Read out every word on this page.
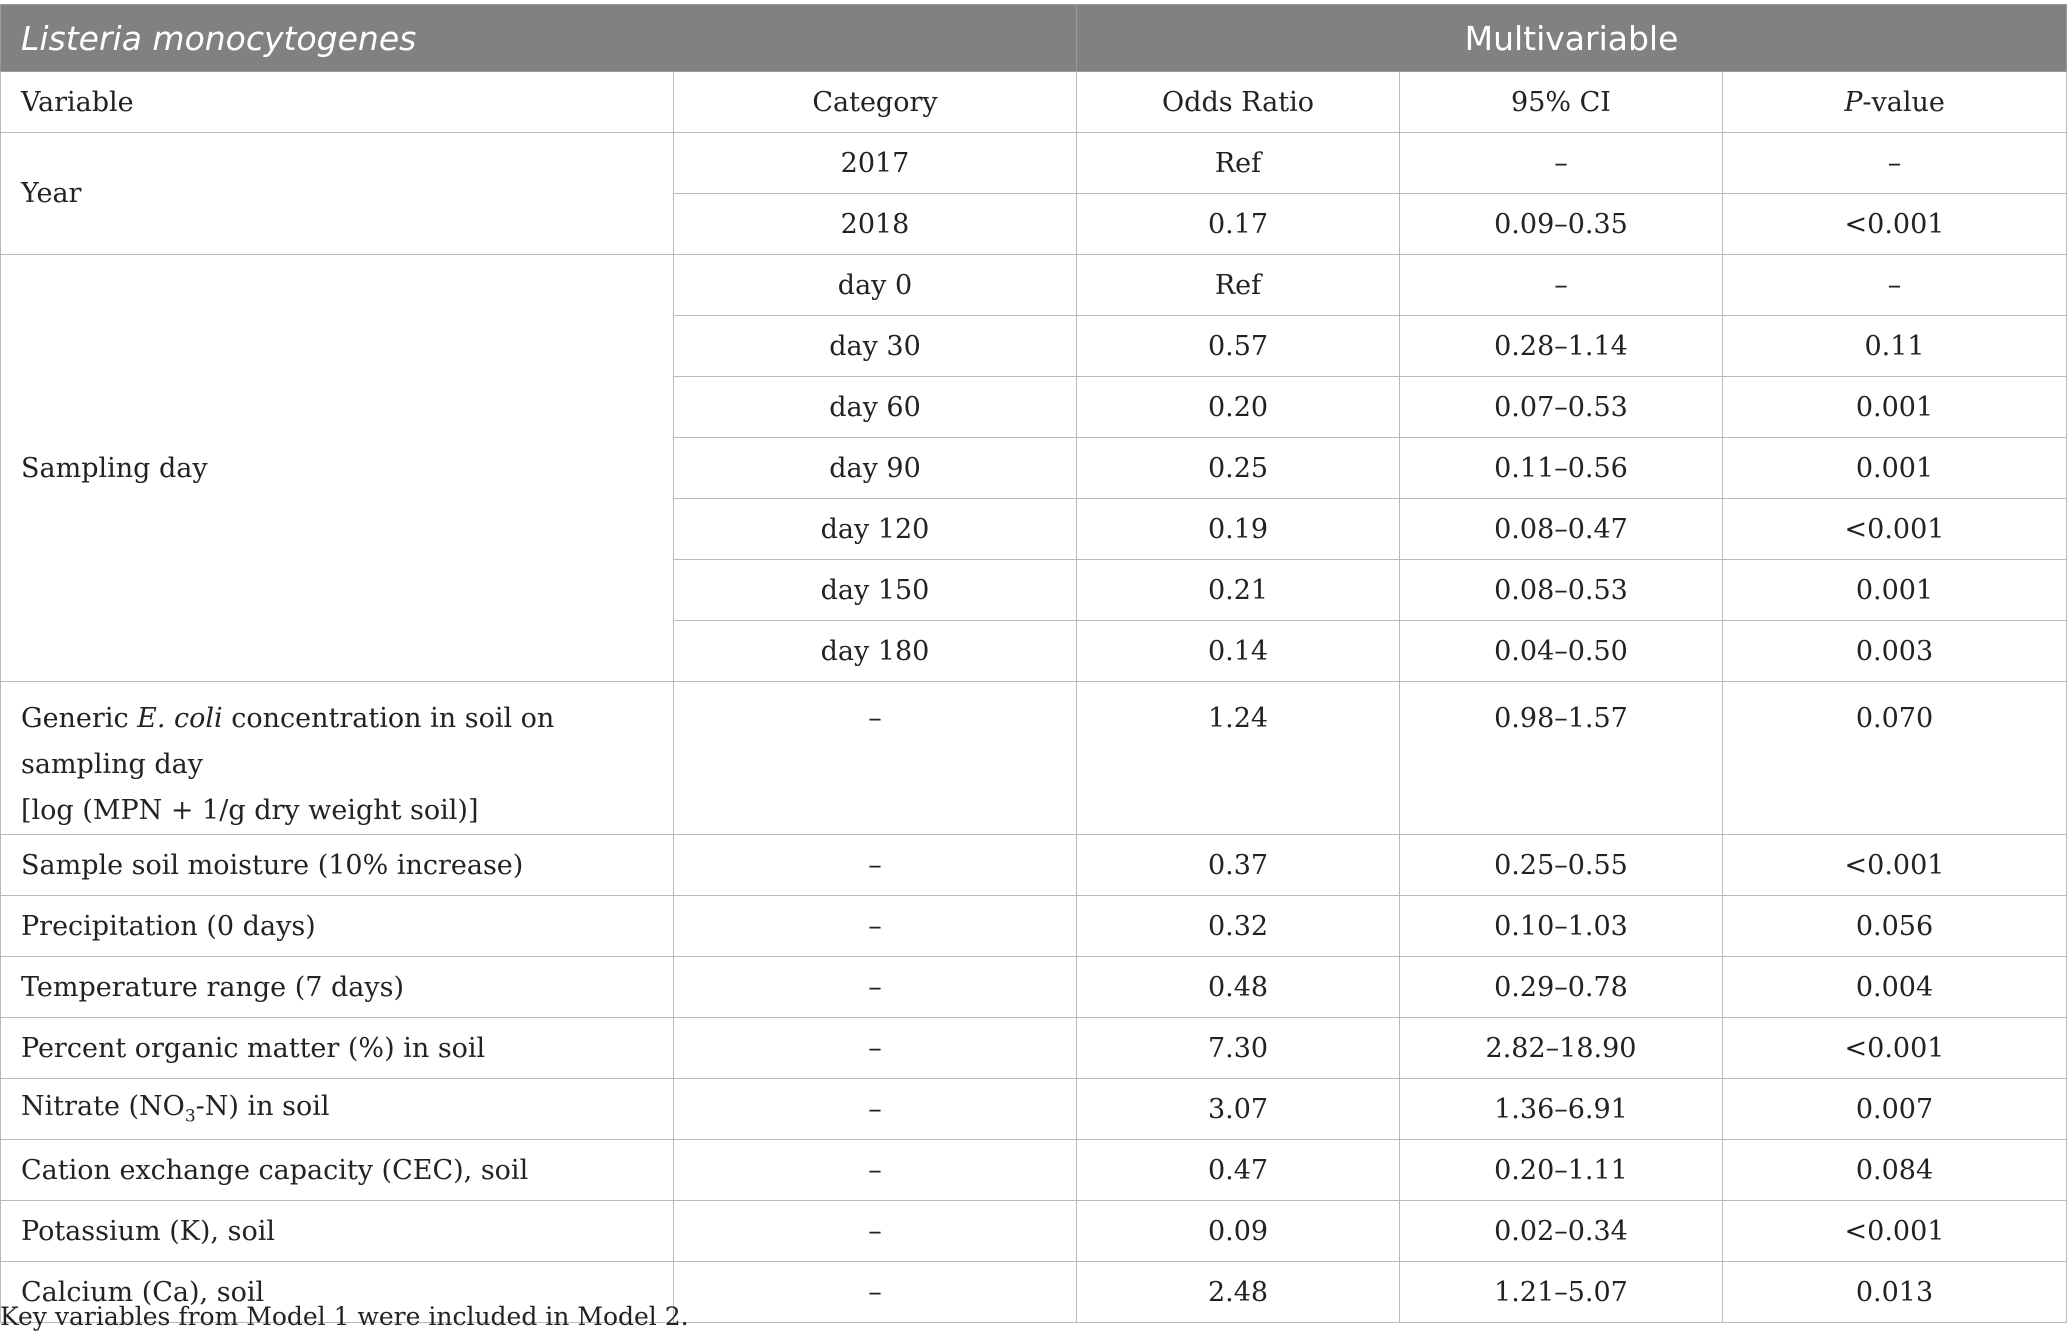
Listeria monocytogenes		Multivariable		
Variable	Category	Odds Ratio	95% CI	P-value
Year	2017	Ref	–	–
	2018	0.17	0.09–0.35	<0.001
Sampling day	day 0	Ref	–	–
	day 30	0.57	0.28–1.14	0.11
	day 60	0.20	0.07–0.53	0.001
	day 90	0.25	0.11–0.56	0.001
	day 120	0.19	0.08–0.47	<0.001
	day 150	0.21	0.08–0.53	0.001
	day 180	0.14	0.04–0.50	0.003
Generic E. coli concentration in soil on sampling day
[log (MPN + 1/g dry weight soil)]	–	1.24	0.98–1.57	0.070
Sample soil moisture (10% increase)	–	0.37	0.25–0.55	<0.001
Precipitation (0 days)	–	0.32	0.10–1.03	0.056
Temperature range (7 days)	–	0.48	0.29–0.78	0.004
Percent organic matter (%) in soil	–	7.30	2.82–18.90	<0.001
Nitrate $(NO_3-N)$ in soil	–	3.07	1.36–6.91	0.007
Cation exchange capacity (CEC), soil	–	0.47	0.20–1.11	0.084
Potassium (K), soil	–	0.09	0.02–0.34	<0.001
Calcium (Ca), soil	–	2.48	1.21–5.07	0.013
Key variables from Model 1 were included in Model 2.
